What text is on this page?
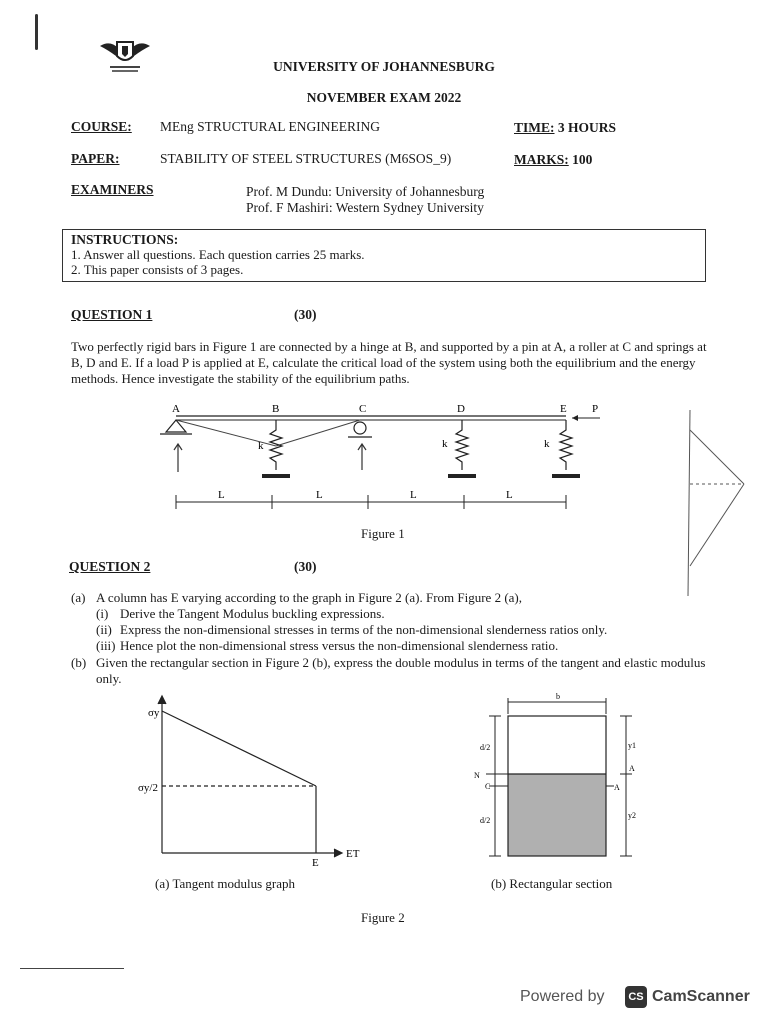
UNIVERSITY OF JOHANNESBURG
NOVEMBER EXAM 2022
COURSE: MEng STRUCTURAL ENGINEERING	TIME: 3 HOURS
PAPER:	STABILITY OF STEEL STRUCTURES (M6SOS_9)	MARKS: 100
EXAMINERS	Prof. M Dundu: University of Johannesburg
Prof. F Mashiri: Western Sydney University
INSTRUCTIONS:
1. Answer all questions. Each question carries 25 marks.
2. This paper consists of 3 pages.
QUESTION 1	(30)
Two perfectly rigid bars in Figure 1 are connected by a hinge at B, and supported by a pin at A, a roller at C and springs at B, D and E. If a load P is applied at E, calculate the critical load of the system using both the equilibrium and the energy methods. Hence investigate the stability of the equilibrium paths.
A	B	C	D	E P
k	k	k
L	L	L	L
Figure 1
QUESTION 2	(30)
(a) A column has E varying according to the graph in Figure 2 (a). From Figure 2 (a),
(i) Derive the Tangent Modulus buckling expressions.
(ii) Express the non-dimensional stresses in terms of the non-dimensional slenderness ratios only.
(iii) Hence plot the non-dimensional stress versus the non-dimensional slenderness ratio.
(b) Given the rectangular section in Figure 2 (b), express the double modulus in terms of the tangent and elastic modulus only.
σy
σy/2
ET
E
(a) Tangent modulus graph
b
d/2
d/2
y1
y2
N
C
A
A
(b) Rectangular section
Figure 2
Powered by	CS CamScanner
